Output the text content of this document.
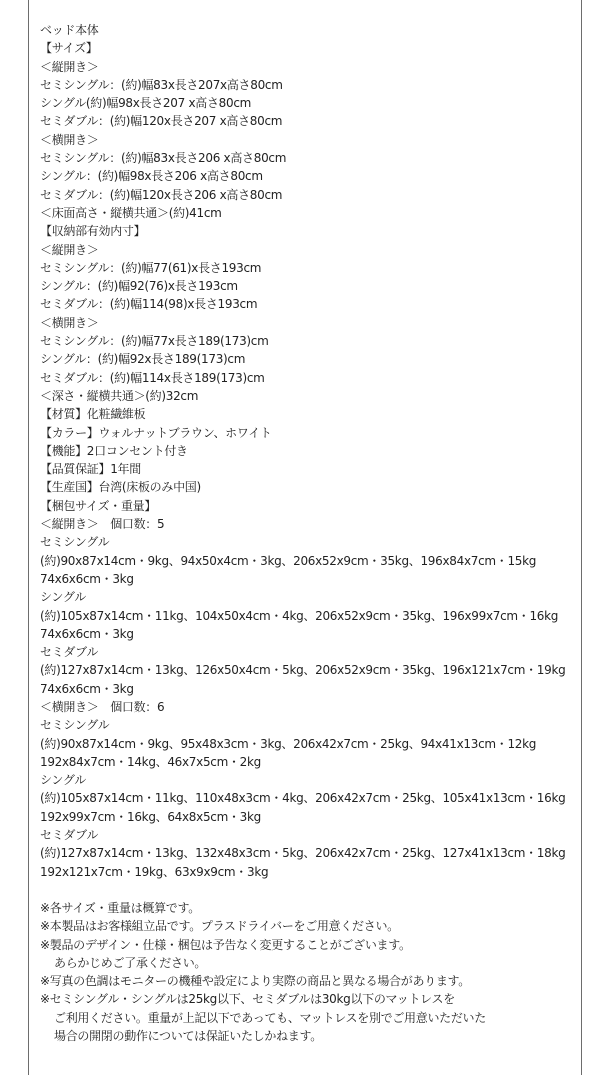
ベッド本体

【サイズ】

＜縦開き＞

セミシングル：(約)幅83x長さ207x高さ80cm

シングル(約)幅98x長さ207 x高さ80cm

セミダブル：(約)幅120x長さ207 x高さ80cm

＜横開き＞

セミシングル：(約)幅83x長さ206 x高さ80cm

シングル：(約)幅98x長さ206 x高さ80cm

セミダブル：(約)幅120x長さ206 x高さ80cm

＜床面高さ・縦横共通＞(約)41cm

【収納部有効内寸】

＜縦開き＞

セミシングル：(約)幅77(61)x長さ193cm

シングル：(約)幅92(76)x長さ193cm

セミダブル：(約)幅114(98)x長さ193cm

＜横開き＞

セミシングル：(約)幅77x長さ189(173)cm

シングル：(約)幅92x長さ189(173)cm

セミダブル：(約)幅114x長さ189(173)cm

＜深さ・縦横共通＞(約)32cm

【材質】化粧繊維板

【カラー】ウォルナットブラウン、ホワイト

【機能】2口コンセント付き

【品質保証】1年間

【生産国】台湾(床板のみ中国)

【梱包サイズ・重量】

＜縦開き＞　個口数：5

セミシングル

(約)90x87x14cm・9kg、94x50x4cm・3kg、206x52x9cm・35kg、196x84x7cm・15kg

74x6x6cm・3kg

シングル

(約)105x87x14cm・11kg、104x50x4cm・4kg、206x52x9cm・35kg、196x99x7cm・16kg

74x6x6cm・3kg

セミダブル

(約)127x87x14cm・13kg、126x50x4cm・5kg、206x52x9cm・35kg、196x121x7cm・19kg

74x6x6cm・3kg

＜横開き＞　個口数：6

セミシングル

(約)90x87x14cm・9kg、95x48x3cm・3kg、206x42x7cm・25kg、94x41x13cm・12kg

192x84x7cm・14kg、46x7x5cm・2kg

シングル

(約)105x87x14cm・11kg、110x48x3cm・4kg、206x42x7cm・25kg、105x41x13cm・16kg

192x99x7cm・16kg、64x8x5cm・3kg

セミダブル

(約)127x87x14cm・13kg、132x48x3cm・5kg、206x42x7cm・25kg、127x41x13cm・18kg

192x121x7cm・19kg、63x9x9cm・3kg

※各サイズ・重量は概算です。

※本製品はお客様組立品です。プラスドライバーをご用意ください。

※製品のデザイン・仕様・梱包は予告なく変更することがございます。

あらかじめご了承ください。

※写真の色調はモニターの機種や設定により実際の商品と異なる場合があります。

※セミシングル・シングルは25kg以下、セミダブルは30kg以下のマットレスを

ご利用ください。重量が上記以下であっても、マットレスを別でご用意いただいた

場合の開閉の動作については保証いたしかねます。
